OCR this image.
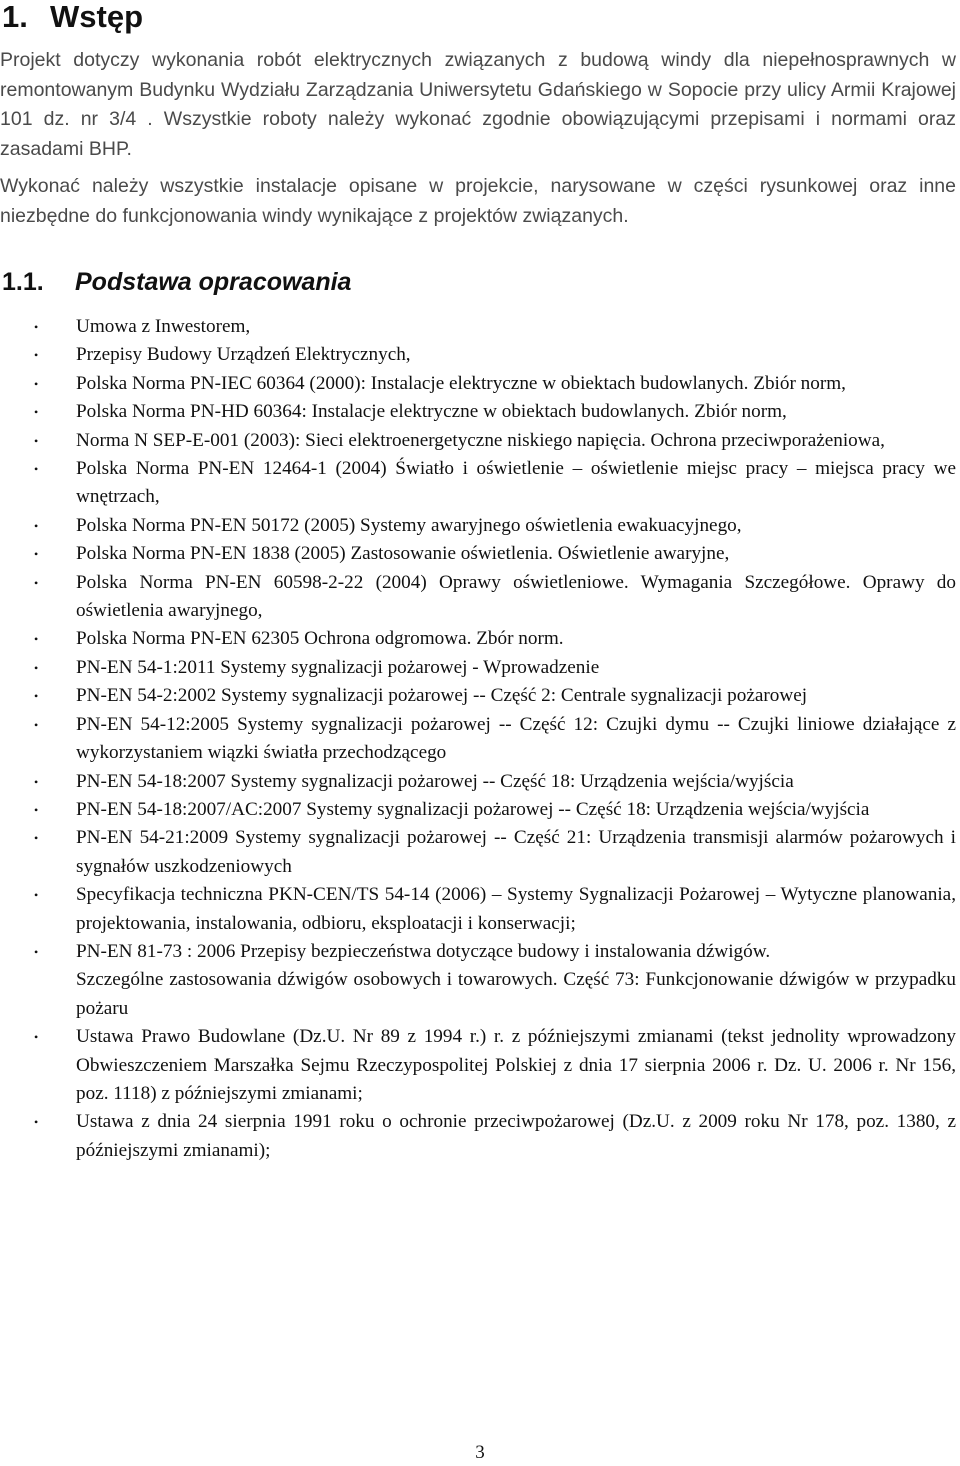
1. Wstęp

Projekt dotyczy wykonania robót elektrycznych związanych z budową windy dla niepełnosprawnych w remontowanym Budynku Wydziału Zarządzania Uniwersytetu Gdańskiego w Sopocie przy ulicy Armii Krajowej 101 dz. nr 3/4 . Wszystkie roboty należy wykonać zgodnie obowiązującymi przepisami i normami oraz zasadami BHP.

Wykonać należy wszystkie instalacje opisane w projekcie, narysowane w części rysunkowej oraz inne niezbędne do funkcjonowania windy wynikające z projektów związanych.

1.1. Podstawa opracowania
• Umowa z Inwestorem,
• Przepisy Budowy Urządzeń Elektrycznych,
• Polska Norma PN-IEC 60364 (2000): Instalacje elektryczne w obiektach budowlanych. Zbiór norm,
• Polska Norma PN-HD 60364: Instalacje elektryczne w obiektach budowlanych. Zbiór norm,
• Norma N SEP-E-001 (2003): Sieci elektroenergetyczne niskiego napięcia. Ochrona przeciwporażeniowa,
• Polska Norma PN-EN 12464-1 (2004) Światło i oświetlenie – oświetlenie miejsc pracy – miejsca pracy we wnętrzach,
• Polska Norma PN-EN 50172 (2005) Systemy awaryjnego oświetlenia ewakuacyjnego,
• Polska Norma PN-EN 1838 (2005) Zastosowanie oświetlenia. Oświetlenie awaryjne,
• Polska Norma PN-EN 60598-2-22 (2004) Oprawy oświetleniowe. Wymagania Szczegółowe. Oprawy do oświetlenia awaryjnego,
• Polska Norma PN-EN 62305 Ochrona odgromowa. Zbór norm.
• PN-EN 54-1:2011 Systemy sygnalizacji pożarowej - Wprowadzenie
• PN-EN 54-2:2002 Systemy sygnalizacji pożarowej -- Część 2: Centrale sygnalizacji pożarowej
• PN-EN 54-12:2005 Systemy sygnalizacji pożarowej -- Część 12: Czujki dymu -- Czujki liniowe działające z wykorzystaniem wiązki światła przechodzącego
• PN-EN 54-18:2007 Systemy sygnalizacji pożarowej -- Część 18: Urządzenia wejścia/wyjścia
• PN-EN 54-18:2007/AC:2007 Systemy sygnalizacji pożarowej -- Część 18: Urządzenia wejścia/wyjścia
• PN-EN 54-21:2009 Systemy sygnalizacji pożarowej -- Część 21: Urządzenia transmisji alarmów pożarowych i sygnałów uszkodzeniowych
• Specyfikacja techniczna PKN-CEN/TS 54-14 (2006) – Systemy Sygnalizacji Pożarowej – Wytyczne planowania, projektowania, instalowania, odbioru, eksploatacji i konserwacji;
• PN-EN 81-73 : 2006 Przepisy bezpieczeństwa dotyczące budowy i instalowania dźwigów.
Szczególne zastosowania dźwigów osobowych i towarowych. Część 73: Funkcjonowanie dźwigów w przypadku pożaru
• Ustawa Prawo Budowlane (Dz.U. Nr 89 z 1994 r.) r. z późniejszymi zmianami (tekst jednolity wprowadzony Obwieszczeniem Marszałka Sejmu Rzeczypospolitej Polskiej z dnia 17 sierpnia 2006 r. Dz. U. 2006 r. Nr 156, poz. 1118) z późniejszymi zmianami;
• Ustawa z dnia 24 sierpnia 1991 roku o ochronie przeciwpożarowej (Dz.U. z 2009 roku Nr 178, poz. 1380, z późniejszymi zmianami);
3
